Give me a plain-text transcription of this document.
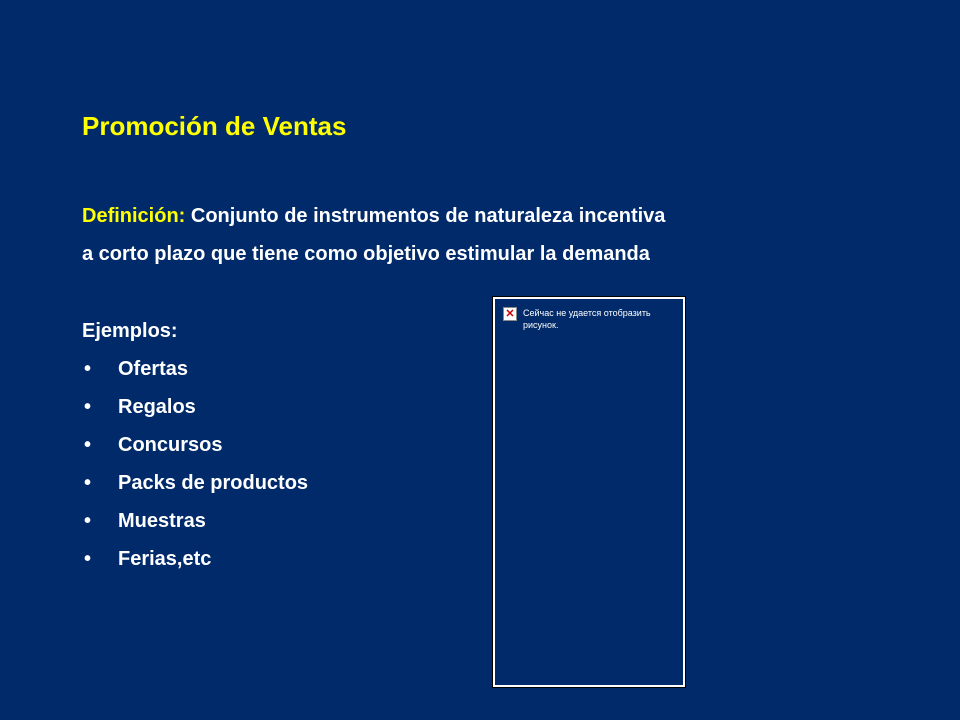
Promoción de Ventas
Definición: Conjunto de instrumentos de naturaleza incentiva
a corto plazo que tiene como objetivo estimular la demanda
Ejemplos:
• Ofertas
• Regalos
• Concursos
• Packs de productos
• Muestras
• Ferias,etc
✕ Сейчас не удается отобразить рисунок.
